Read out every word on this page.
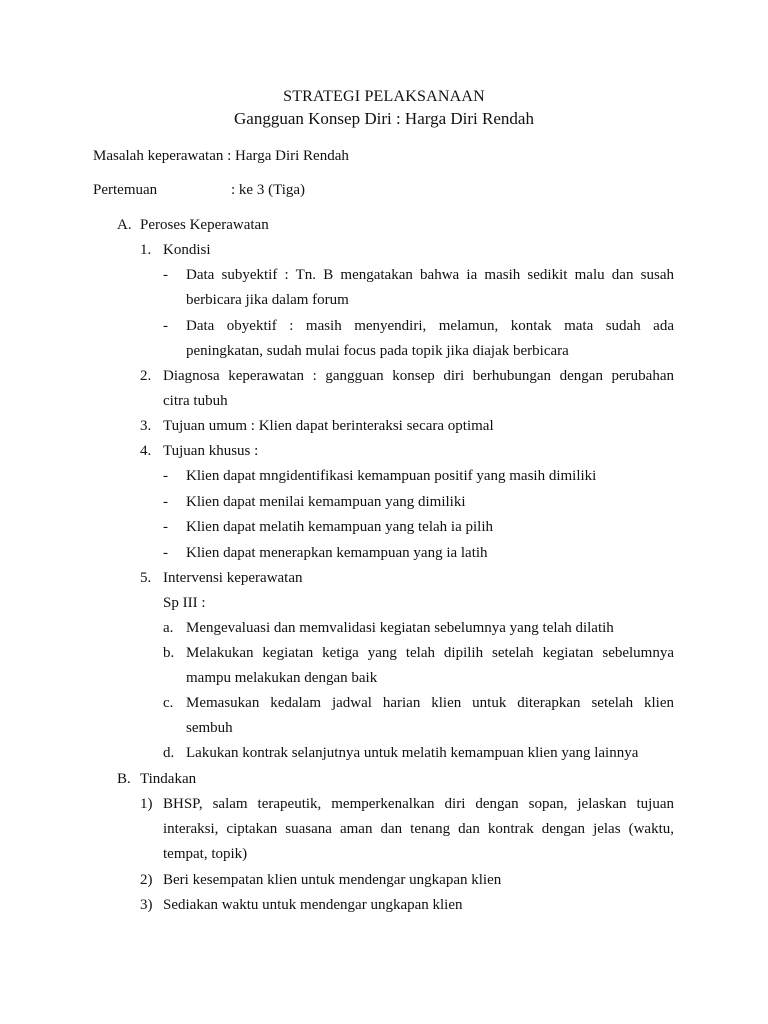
STRATEGI PELAKSANAAN
Gangguan Konsep Diri : Harga Diri Rendah
Masalah keperawatan : Harga Diri Rendah
Pertemuan	: ke 3 (Tiga)
A. Peroses Keperawatan
1. Kondisi
- Data subyektif : Tn. B mengatakan bahwa ia masih sedikit malu dan susah
berbicara jika dalam forum
- Data obyektif : masih menyendiri, melamun, kontak mata sudah ada
peningkatan, sudah mulai focus pada topik jika diajak berbicara
2. Diagnosa keperawatan : gangguan konsep diri berhubungan dengan perubahan
citra tubuh
3. Tujuan umum : Klien dapat berinteraksi secara optimal
4. Tujuan khusus :
- Klien dapat mngidentifikasi kemampuan positif yang masih dimiliki
- Klien dapat menilai kemampuan yang dimiliki
- Klien dapat melatih kemampuan yang telah ia pilih
- Klien dapat menerapkan kemampuan yang ia latih
5. Intervensi keperawatan
Sp III :
a. Mengevaluasi dan memvalidasi kegiatan sebelumnya yang telah dilatih
b. Melakukan kegiatan ketiga yang telah dipilih setelah kegiatan sebelumnya
mampu melakukan dengan baik
c. Memasukan kedalam jadwal harian klien untuk diterapkan setelah klien
sembuh
d. Lakukan kontrak selanjutnya untuk melatih kemampuan klien yang lainnya
B. Tindakan
1) BHSP, salam terapeutik, memperkenalkan diri dengan sopan, jelaskan tujuan
interaksi, ciptakan suasana aman dan tenang dan kontrak dengan jelas (waktu,
tempat, topik)
2) Beri kesempatan klien untuk mendengar ungkapan klien
3) Sediakan waktu untuk mendengar ungkapan klien
